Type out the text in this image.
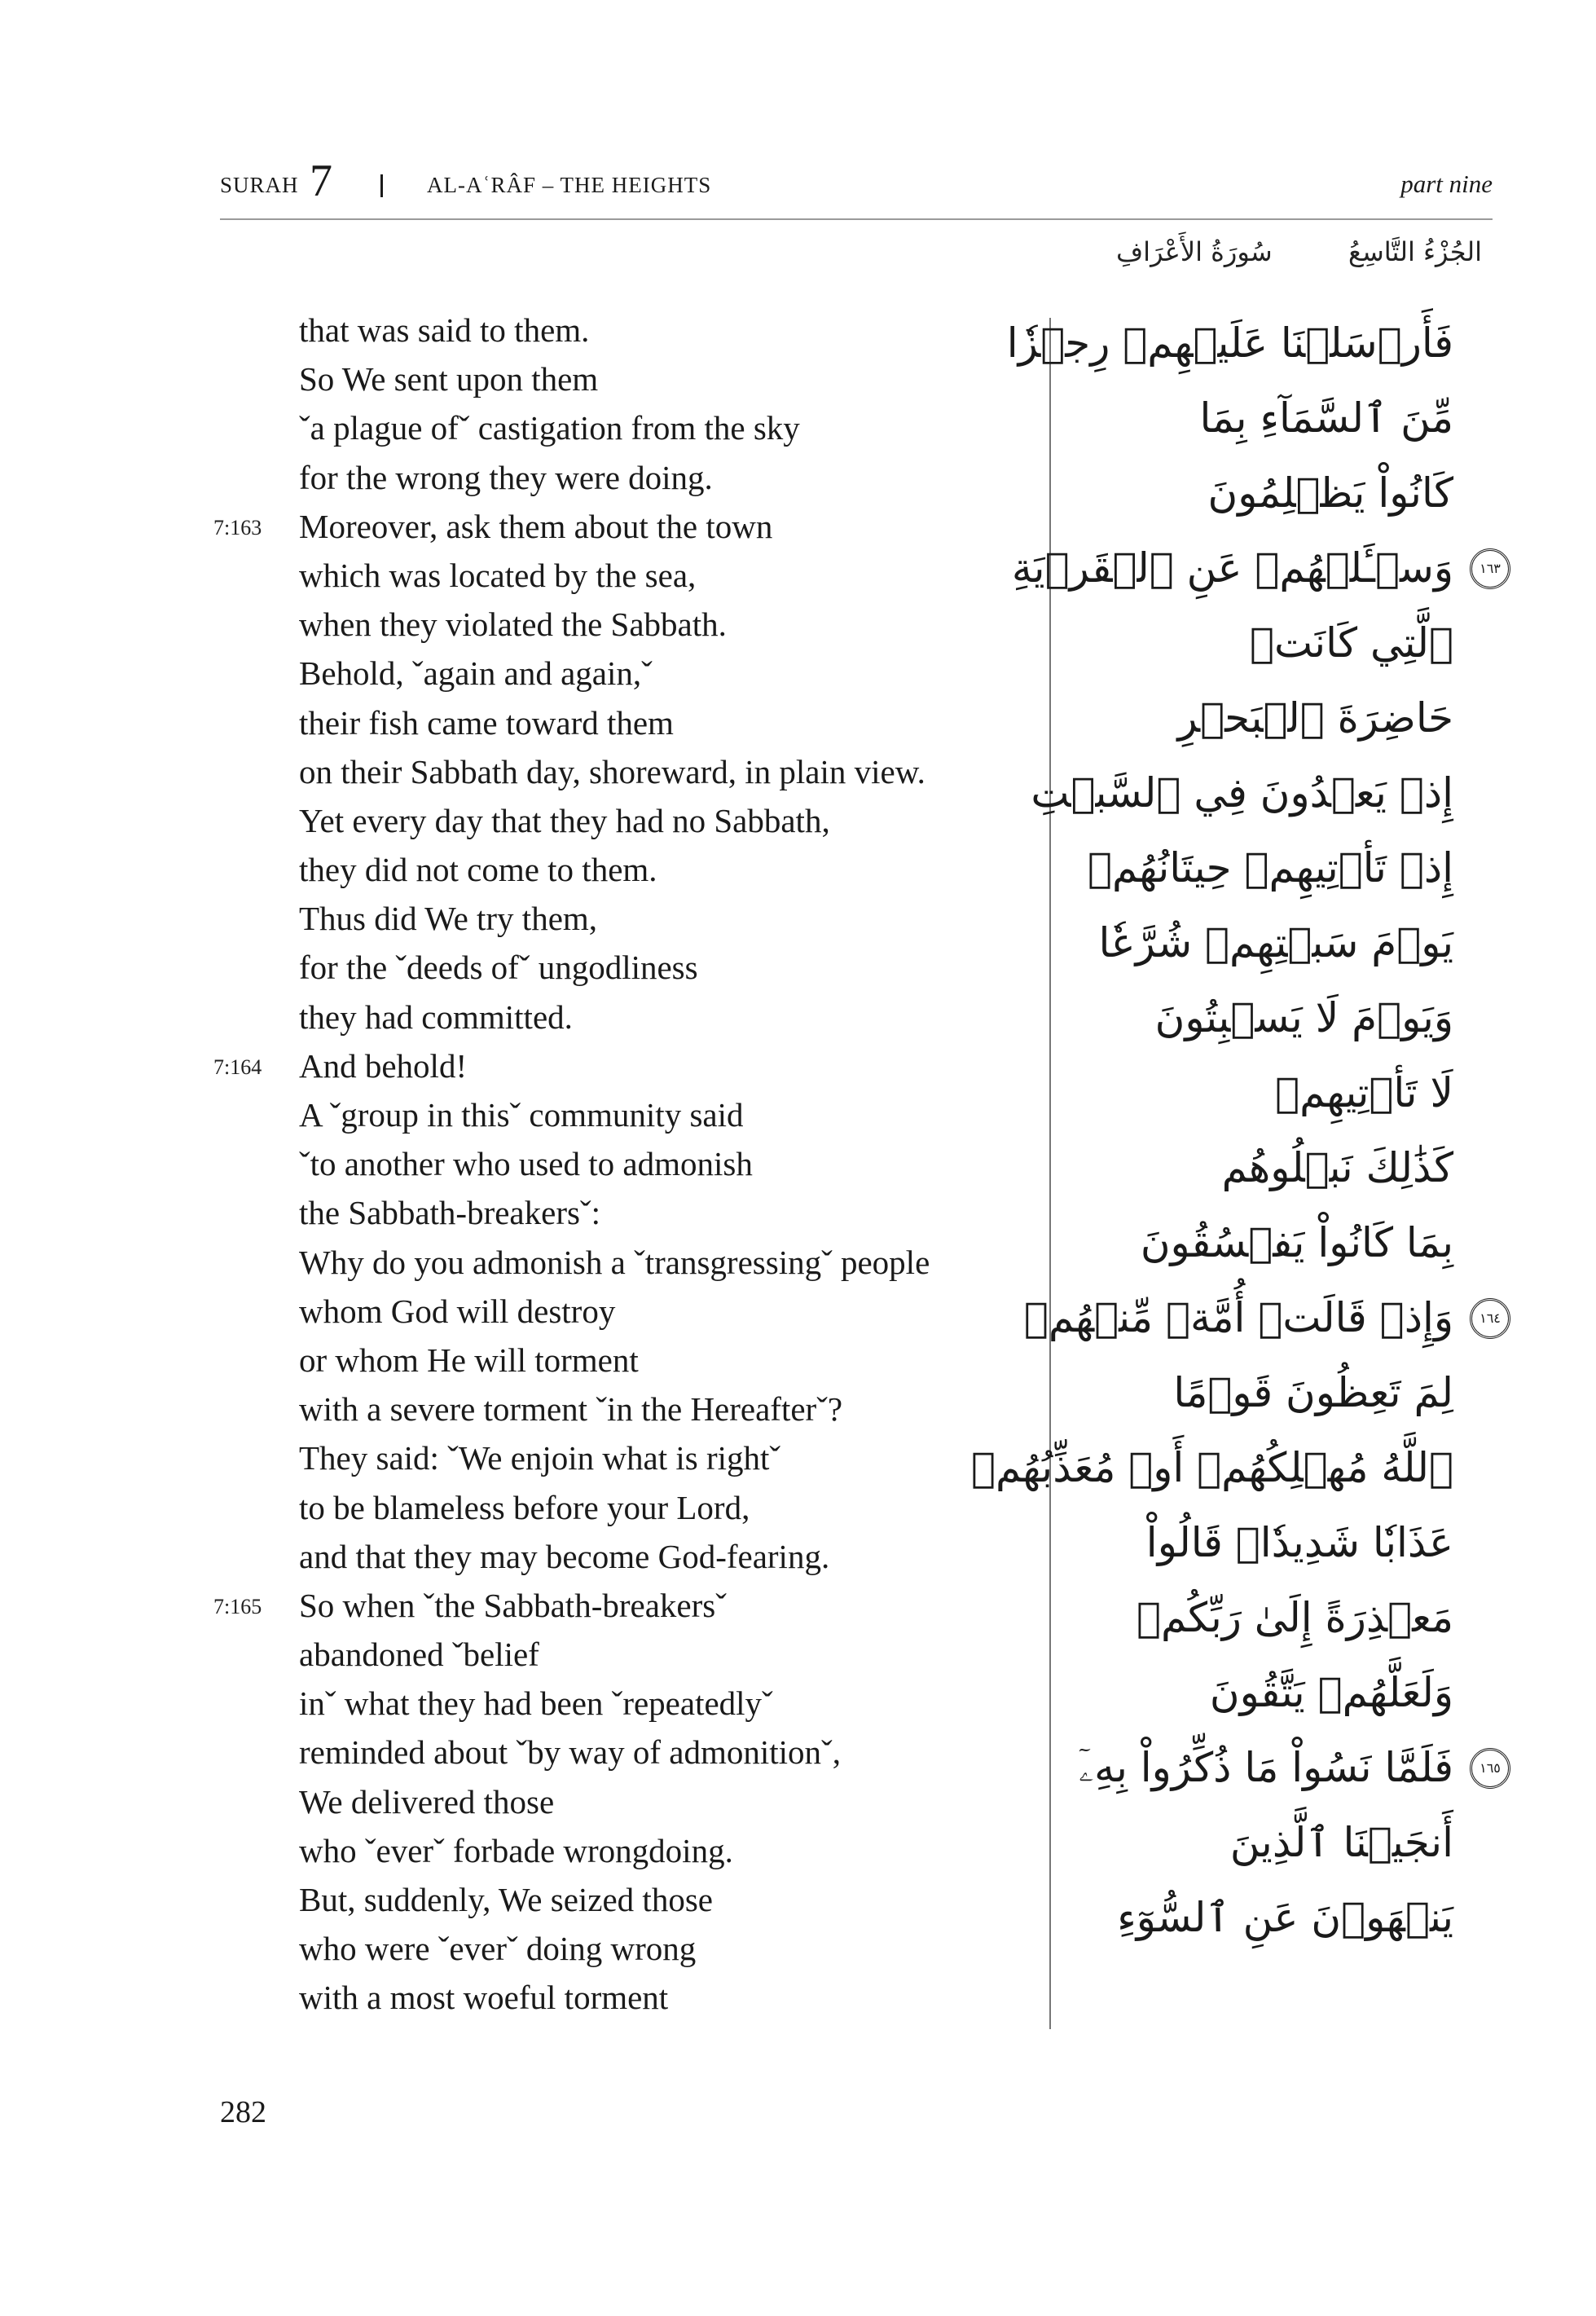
SURAH 7	AL-AʿRÂF – THE HEIGHTS	part nine
سُورَةُ الأَعْرَافِ	الجُزْءُ التَّاسِعُ
that was said to them.
So We sent upon them
ˇa plague ofˇ castigation from the sky
for the wrong they were doing.
7:163 Moreover, ask them about the town
which was located by the sea,
when they violated the Sabbath.
Behold, ˇagain and again,ˇ
their fish came toward them
on their Sabbath day, shoreward, in plain view.
Yet every day that they had no Sabbath,
they did not come to them.
Thus did We try them,
for the ˇdeeds ofˇ ungodliness
they had committed.
7:164 And behold!
A ˇgroup in thisˇ community said
ˇto another who used to admonish
the Sabbath-breakersˇ:
Why do you admonish a ˇtransgressingˇ people
whom God will destroy
or whom He will torment
with a severe torment ˇin the Hereafterˇ?
They said: ˇWe enjoin what is rightˇ
to be blameless before your Lord,
and that they may become God-fearing.
7:165 So when ˇthe Sabbath-breakersˇ
abandoned ˇbelief
inˇ what they had been ˇrepeatedlyˇ
reminded about ˇby way of admonitionˇ,
We delivered those
who ˇeverˇ forbade wrongdoing.
But, suddenly, We seized those
who were ˇeverˇ doing wrong
with a most woeful torment
فَأَرۡسَلۡنَا عَلَيۡهِمۡ رِجۡزٗا
مِّنَ ٱلسَّمَآءِ بِمَا
كَانُواْ يَظۡلِمُونَ
وَسۡـَٔلۡهُمۡ عَنِ ٱلۡقَرۡيَةِ	١٦٣
ٱلَّتِي كَانَتۡ
حَاضِرَةَ ٱلۡبَحۡرِ
إِذۡ يَعۡدُونَ فِي ٱلسَّبۡتِ
إِذۡ تَأۡتِيهِمۡ حِيتَانُهُمۡ
يَوۡمَ سَبۡتِهِمۡ شُرَّعٗا
وَيَوۡمَ لَا يَسۡبِتُونَ
لَا تَأۡتِيهِمۡ
كَذَٰلِكَ نَبۡلُوهُم
بِمَا كَانُواْ يَفۡسُقُونَ
وَإِذۡ قَالَتۡ أُمَّةٞ مِّنۡهُمۡ	١٦٤
لِمَ تَعِظُونَ قَوۡمًا
ٱللَّهُ مُهۡلِكُهُمۡ أَوۡ مُعَذِّبُهُمۡ
عَذَابٗا شَدِيدٗاۖ قَالُواْ
مَعۡذِرَةً إِلَىٰ رَبِّكُمۡ
وَلَعَلَّهُمۡ يَتَّقُونَ
فَلَمَّا نَسُواْ مَا ذُكِّرُواْ بِهِۦٓ	١٦٥
أَنجَيۡنَا ٱلَّذِينَ
يَنۡهَوۡنَ عَنِ ٱلسُّوٓءِ
282
